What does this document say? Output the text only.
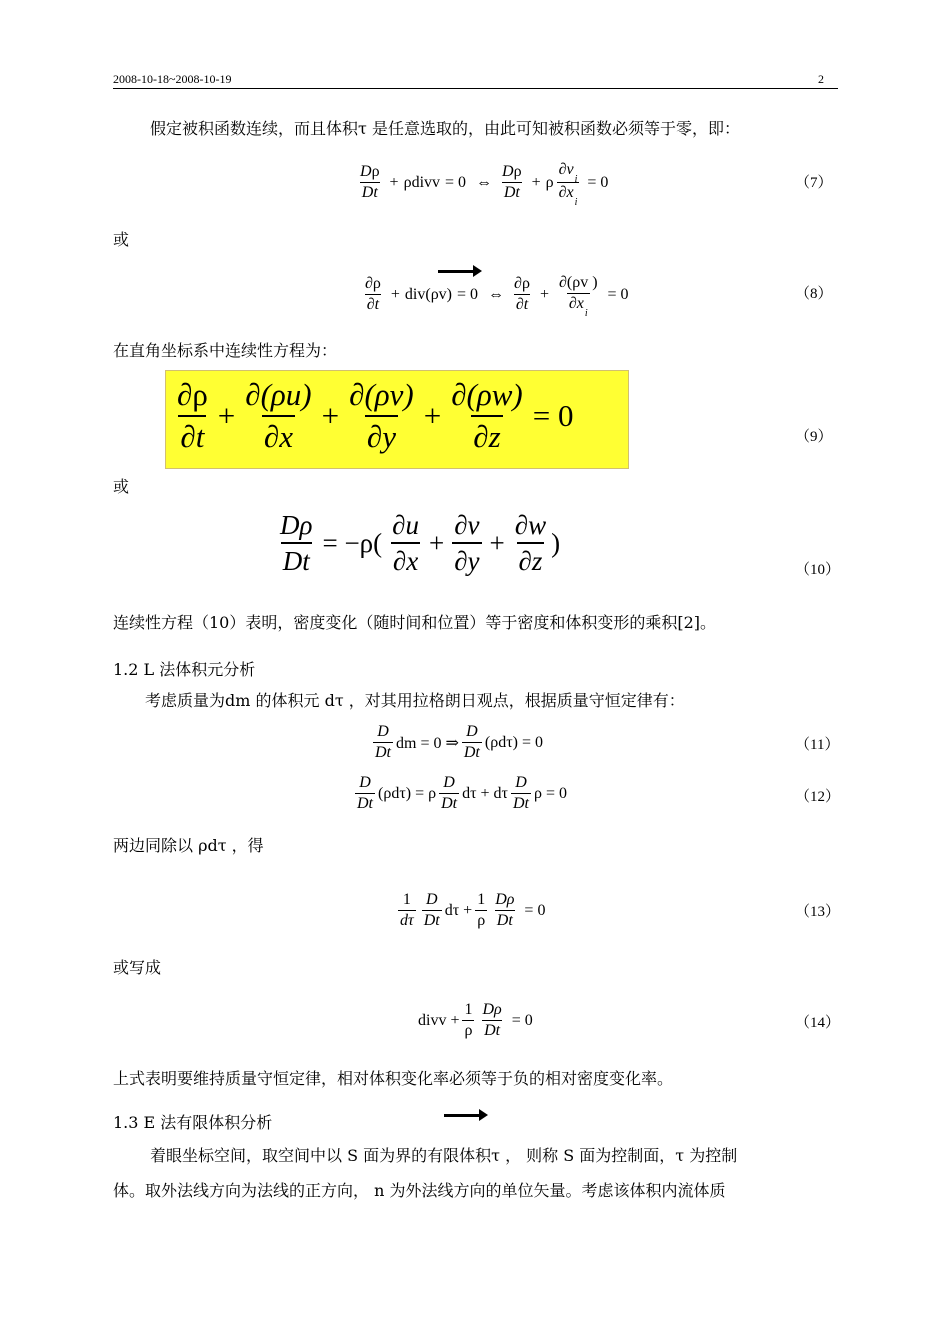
2008-10-18~2008-10-19	2
假定被积函数连续，而且体积τ 是任意选取的，由此可知被积函数必须等于零，即：
$\frac{D\rho}{Dt}$ + ρdivv = 0 ⇔ $\frac{D\rho}{Dt} + \rho \frac{\partial v_i}{\partial x_i} = 0$	（7）
或
$\frac{\partial\rho}{\partial t} + div(\rho v) = 0$ ⇔ $\frac{\partial\rho}{\partial t} + \frac{\partial(\rho v )}{\partial x_i} = 0$	（8）
在直角坐标系中连续性方程为：
$\frac{\partial\rho}{\partial t} + \frac{\partial(\rho u)}{\partial x} + \frac{\partial(\rho v)}{\partial y} + \frac{\partial(\rho w)}{\partial z} = 0$
（9）
或
$\frac{D\rho}{Dt} = -\rho( \frac{\partial u}{\partial x} + \frac{\partial v}{\partial y} + \frac{\partial w}{\partial z}$ )
（10）
连续性方程（10）表明，密度变化（随时间和位置）等于密度和体积变形的乘积[2]。
1.2 L 法体积元分析
考虑质量为dm 的体积元 dτ ，对其用拉格朗日观点，根据质量守恒定律有：
$\frac{D}{Dt}$ dm = 0 ⇒ $\frac{D}{Dt} (\rho d\tau) = 0$	（11）
$\frac{D}{Dt} (\rho d\tau) = \rho \frac{D}{Dt}$ dτ + dτ $\frac{D}{Dt}$ ρ = 0	（12）
两边同除以 ρdτ ，得
$\frac{1}{d\tau} \frac{D}{Dt}$ $d\tau + \frac{1}{\rho} \frac{D\rho}{Dt} = 0$	（13）
或写成
divv + $\frac{1}{\rho} \frac{D\rho}{Dt} = 0$	（14）
上式表明要维持质量守恒定律，相对体积变化率必须等于负的相对密度变化率。
1.3 E 法有限体积分析
着眼坐标空间，取空间中以 S 面为界的有限体积τ ， 则称 S 面为控制面，τ 为控制
体。取外法线方向为法线的正方向， n 为外法线方向的单位矢量。考虑该体积内流体质
